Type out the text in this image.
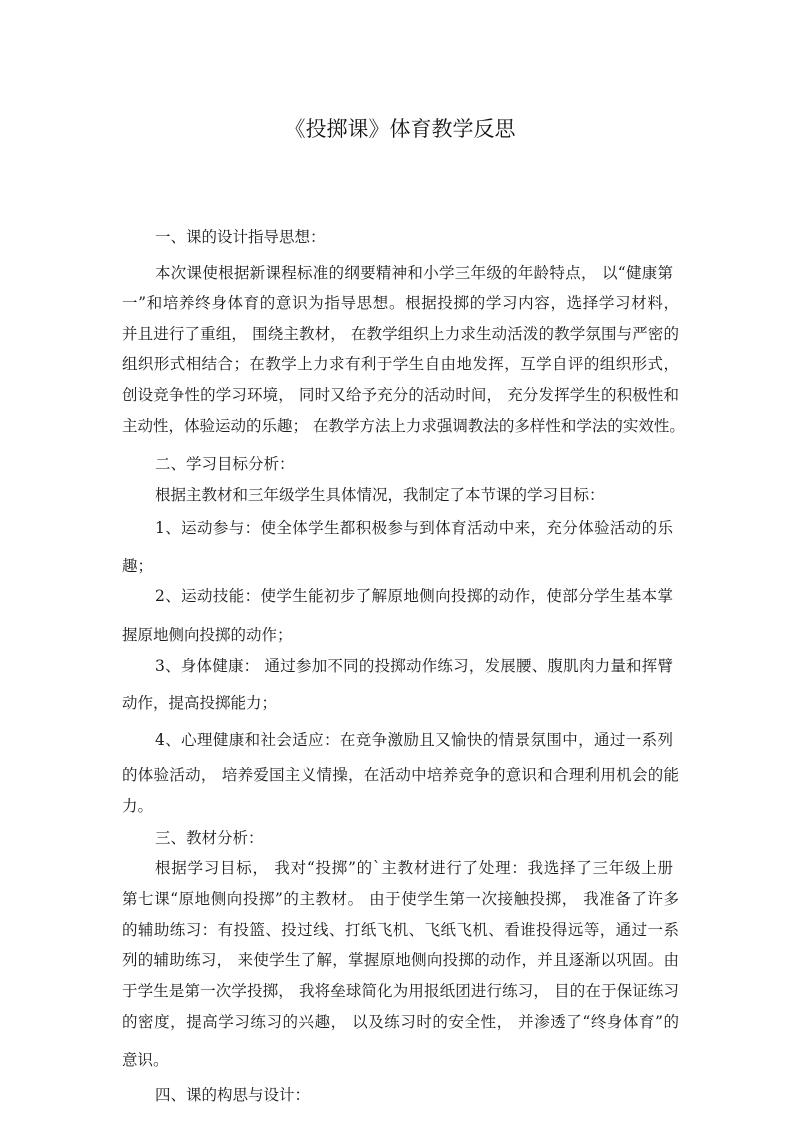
《投掷课》体育教学反思
一、课的设计指导思想：
本次课使根据新课程标准的纲要精神和小学三年级的年龄特点， 以“健康第
一”和培养终身体育的意识为指导思想。根据投掷的学习内容，选择学习材料，
并且进行了重组， 围绕主教材， 在教学组织上力求生动活泼的教学氛围与严密的
组织形式相结合；在教学上力求有利于学生自由地发挥，互学自评的组织形式，
创设竞争性的学习环境， 同时又给予充分的活动时间， 充分发挥学生的积极性和
主动性，体验运动的乐趣； 在教学方法上力求强调教法的多样性和学法的实效性。
二、学习目标分析：
根据主教材和三年级学生具体情况，我制定了本节课的学习目标：
1、运动参与：使全体学生都积极参与到体育活动中来，充分体验活动的乐
趣；
2、运动技能：使学生能初步了解原地侧向投掷的动作，使部分学生基本掌
握原地侧向投掷的动作；
3、身体健康： 通过参加不同的投掷动作练习，发展腰、腹肌肉力量和挥臂
动作，提高投掷能力；
4、心理健康和社会适应：在竞争激励且又愉快的情景氛围中，通过一系列
的体验活动， 培养爱国主义情操，在活动中培养竞争的意识和合理利用机会的能
力。
三、教材分析：
根据学习目标， 我对“投掷”的`主教材进行了处理：我选择了三年级上册
第七课“原地侧向投掷”的主教材。 由于使学生第一次接触投掷， 我准备了许多
的辅助练习：有投篮、投过线、打纸飞机、飞纸飞机、看谁投得远等，通过一系
列的辅助练习， 来使学生了解，掌握原地侧向投掷的动作，并且逐渐以巩固。由
于学生是第一次学投掷， 我将垒球简化为用报纸团进行练习， 目的在于保证练习
的密度，提高学习练习的兴趣， 以及练习时的安全性， 并渗透了“终身体育”的
意识。
四、课的构思与设计：
